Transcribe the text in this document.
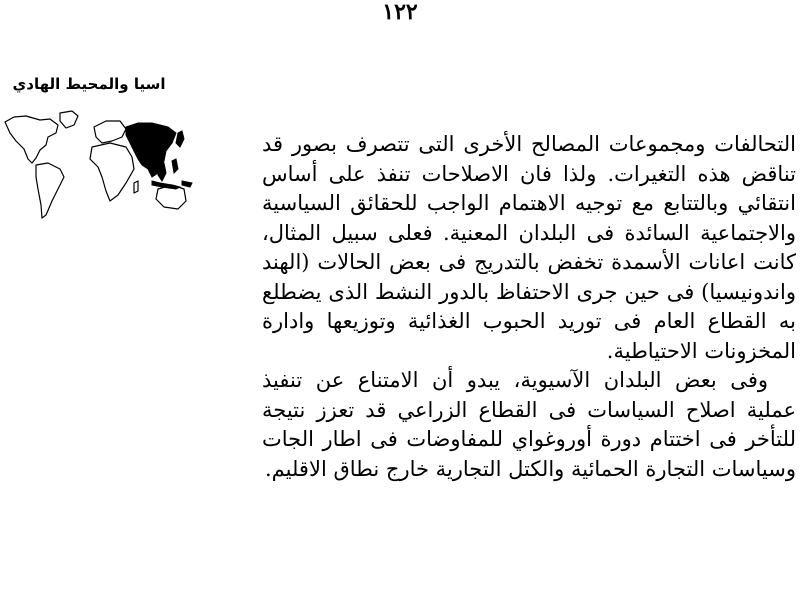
١٢٢
اسيا والمحيط الهادي

التحالفات ومجموعات المصالح الأخرى التى تتصرف بصور قد تناقض هذه التغيرات. ولذا فان الاصلاحات تنفذ على أساس انتقائي وبالتتابع مع توجيه الاهتمام الواجب للحقائق السياسية والاجتماعية السائدة فى البلدان المعنية. فعلى سبيل المثال، كانت اعانات الأسمدة تخفض بالتدريج فى بعض الحالات (الهند واندونيسيا) فى حين جرى الاحتفاظ بالدور النشط الذى يضطلع به القطاع العام فى توريد الحبوب الغذائية وتوزيعها وادارة المخزونات الاحتياطية.

وفى بعض البلدان الآسيوية، يبدو أن الامتناع عن تنفيذ عملية اصلاح السياسات فى القطاع الزراعي قد تعزز نتيجة للتأخر فى اختتام دورة أوروغواي للمفاوضات فى اطار الجات وسياسات التجارة الحمائية والكتل التجارية خارج نطاق الاقليم.
